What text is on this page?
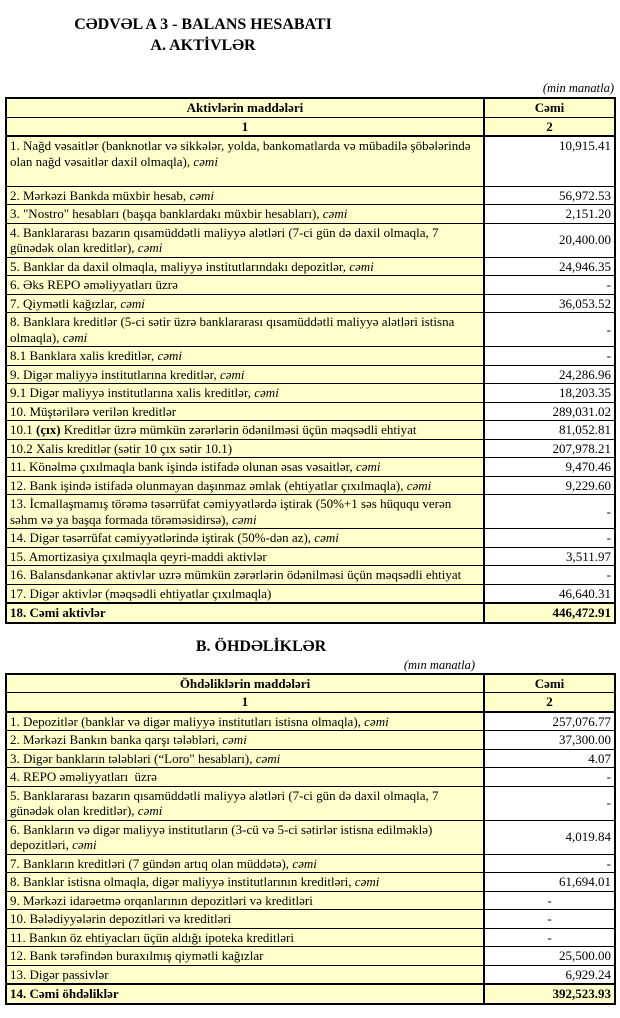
CƏDVƏL A 3 - BALANS HESABATI
A. AKTİVLƏR
(min manatla)
Aktivlərin maddələri	Cəmi
1	2
1. Nağd vəsaitlər (banknotlar və sikkələr, yolda, bankomatlarda və mübadilə şöbələrində olan nağd vəsaitlər daxil olmaqla), cəmi	10,915.41
2. Mərkəzi Bankda müxbir hesab, cəmi	56,972.53
3. "Nostro" hesabları (başqa banklardakı müxbir hesabları), cəmi	2,151.20
4. Banklararası bazarın qısamüddətli maliyyə alətləri (7-ci gün də daxil olmaqla, 7 günədək olan kreditlər), cəmi	20,400.00
5. Banklar da daxil olmaqla, maliyyə institutlarındakı depozitlər, cəmi	24,946.35
6. Əks REPO əməliyyatları üzrə	-
7. Qiymətli kağızlar, cəmi	36,053.52
8. Banklara kreditlər (5-ci sətir üzrə banklararası qısamüddətli maliyyə alətləri istisna olmaqla), cəmi	-
8.1 Banklara xalis kreditlər, cəmi	-
9. Digər maliyyə institutlarına kreditlər, cəmi	24,286.96
9.1 Digər maliyyə institutlarına xalis kreditlər, cəmi	18,203.35
10. Müştərilərə verilən kreditlər	289,031.02
10.1 (çıx) Kreditlər üzrə mümkün zərərlərin ödənilməsi üçün məqsədli ehtiyat	81,052.81
10.2 Xalis kreditlər (sətir 10 çıx sətir 10.1)	207,978.21
11. Könəlmə çıxılmaqla bank işində istifadə olunan əsas vəsaitlər, cəmi	9,470.46
12. Bank işində istifadə olunmayan daşınmaz əmlak (ehtiyatlar çıxılmaqla), cəmi	9,229.60
13. İcmallaşmamış törəmə təsərrüfat cəmiyyətlərdə iştirak (50%+1 səs hüququ verən səhm və ya başqa formada törəməsidirsə), cəmi	-
14. Digər təsərrüfat cəmiyyətlərində iştirak (50%-dən az), cəmi	-
15. Amortizasiya çıxılmaqla qeyri-maddi aktivlər	3,511.97
16. Balansdankənar aktivlər uzrə mümkün zərərlərin ödənilməsi üçün məqsədli ehtiyat	-
17. Digər aktivlər (məqsədli ehtiyatlar çıxılmaqla)	46,640.31
18. Cəmi aktivlər	446,472.91
B. ÖHDƏLİKLƏR
(mın manatla)
Öhdəliklərin maddələri	Cəmi
1	2
1. Depozitlər (banklar və digər maliyyə institutları istisna olmaqla), cəmi	257,076.77
2. Mərkəzi Bankın banka qarşı tələbləri, cəmi	37,300.00
3. Digər bankların tələbləri (“Loro" hesabları), cəmi	4.07
4. REPO əməliyyatları  üzrə	-
5. Banklararası bazarın qısamüddətli maliyyə alətləri (7-ci gün də daxil olmaqla, 7 günədək olan kreditlər), cəmi	-
6. Bankların və digər maliyyə institutların (3-cü və 5-ci sətirlər istisna edilməklə) depozitləri, cəmi	4,019.84
7. Bankların kreditləri (7 gündən artıq olan müddətə), cəmi	-
8. Banklar istisna olmaqla, digər maliyyə institutlarının kreditləri, cəmi	61,694.01
9. Mərkəzi idarəetmə orqanlarının depozitləri və kreditləri	-
10. Bələdiyyələrin depozitləri və kreditləri	-
11. Bankın öz ehtiyacları üçün aldığı ipoteka kreditləri	-
12. Bank tərəfindən buraxılmış qiymətli kağızlar	25,500.00
13. Digər passivlər	6,929.24
14. Cəmi öhdəliklər	392,523.93
